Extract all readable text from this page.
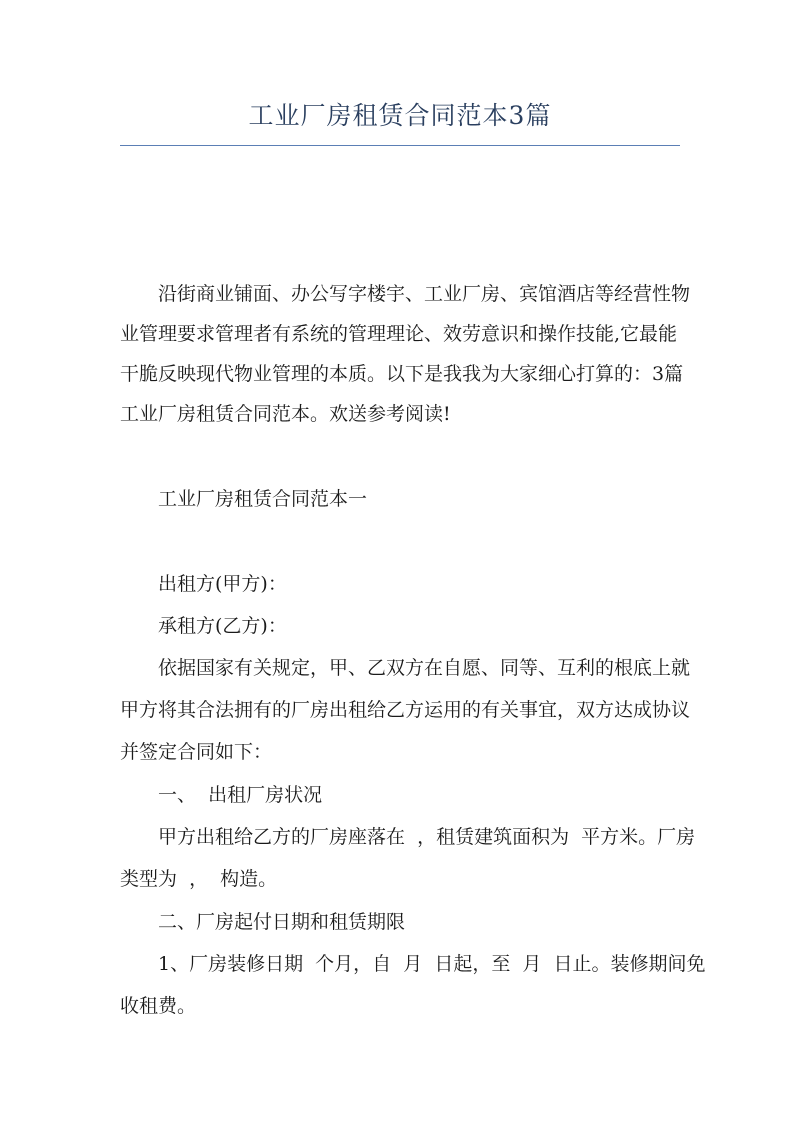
工业厂房租赁合同范本3篇
沿街商业铺面、办公写字楼宇、工业厂房、宾馆酒店等经营性物
业管理要求管理者有系统的管理理论、效劳意识和操作技能,它最能
干脆反映现代物业管理的本质。以下是我我为大家细心打算的：3篇
工业厂房租赁合同范本。欢送参考阅读!
工业厂房租赁合同范本一
出租方(甲方)：
承租方(乙方)：
依据国家有关规定，甲、乙双方在自愿、同等、互利的根底上就
甲方将其合法拥有的厂房出租给乙方运用的有关事宜，双方达成协议
并签定合同如下：
一、  出租厂房状况
甲方出租给乙方的厂房座落在  ，租赁建筑面积为  平方米。厂房
类型为  ，  构造。
二、厂房起付日期和租赁期限
1、厂房装修日期  个月，自  月  日起，至  月  日止。装修期间免
收租费。
